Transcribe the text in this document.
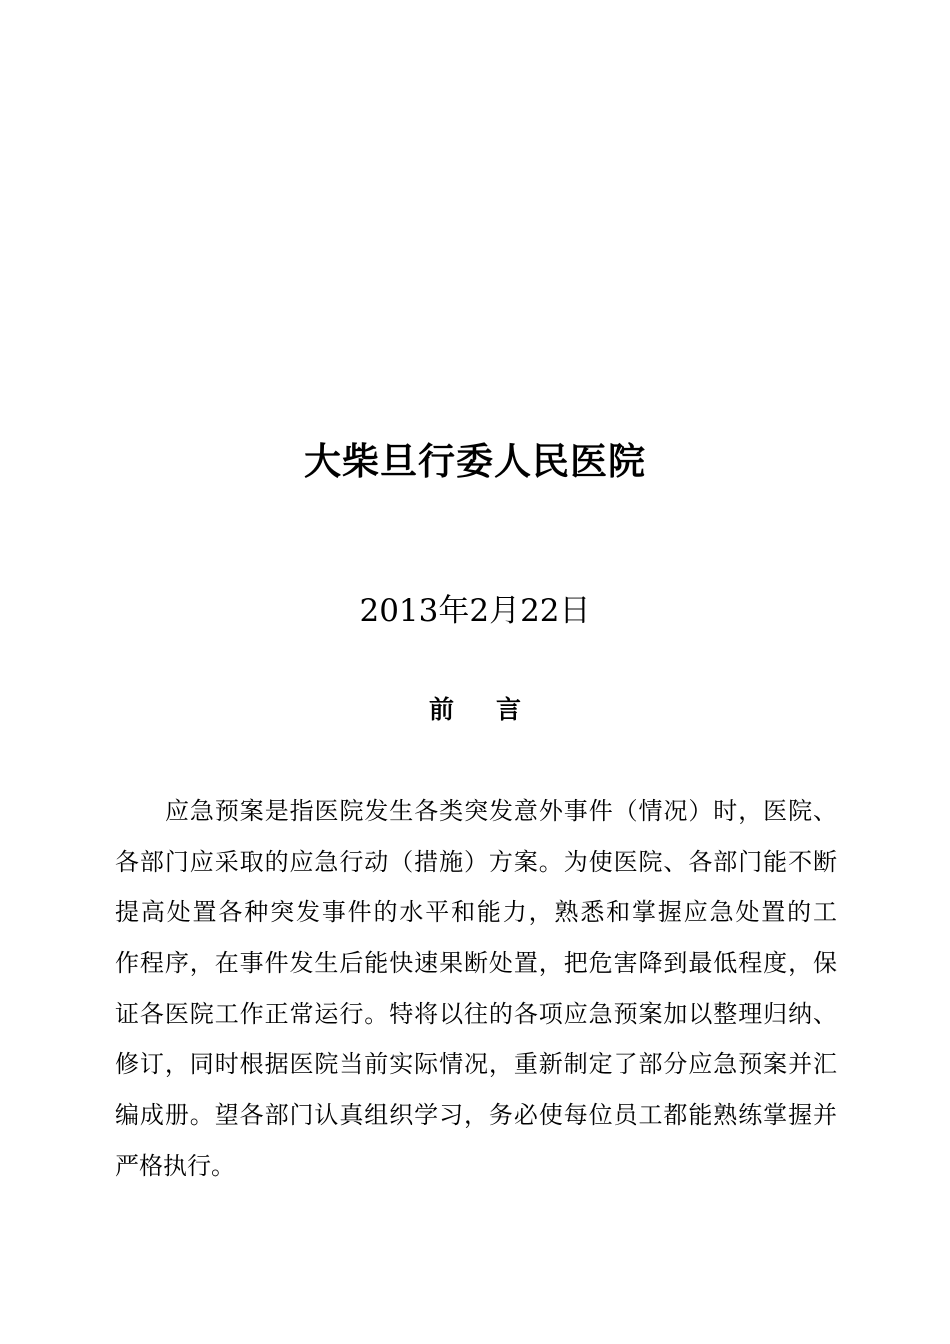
大柴旦行委人民医院
2013年2月22日
前言
应急预案是指医院发生各类突发意外事件（情况）时，医院、
各部门应采取的应急行动（措施）方案。为使医院、各部门能不断
提高处置各种突发事件的水平和能力，熟悉和掌握应急处置的工
作程序，在事件发生后能快速果断处置，把危害降到最低程度，保
证各医院工作正常运行。特将以往的各项应急预案加以整理归纳、
修订，同时根据医院当前实际情况，重新制定了部分应急预案并汇
编成册。望各部门认真组织学习，务必使每位员工都能熟练掌握并
严格执行。
